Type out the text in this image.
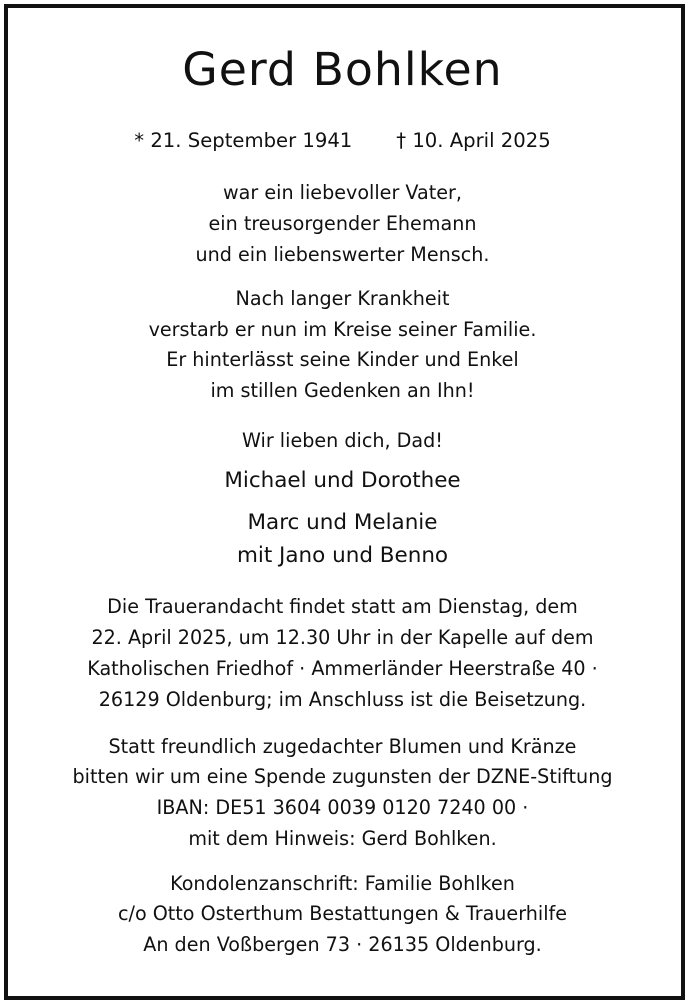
Gerd Bohlken
* 21. September 1941 † 10. April 2025
war ein liebevoller Vater,
ein treusorgender Ehemann
und ein liebenswerter Mensch.
Nach langer Krankheit
verstarb er nun im Kreise seiner Familie.
Er hinterlässt seine Kinder und Enkel
im stillen Gedenken an Ihn!
Wir lieben dich, Dad!
Michael und Dorothee
Marc und Melanie
mit Jano und Benno
Die Trauerandacht findet statt am Dienstag, dem
22. April 2025, um 12.30 Uhr in der Kapelle auf dem
Katholischen Friedhof · Ammerländer Heerstraße 40 ·
26129 Oldenburg; im Anschluss ist die Beisetzung.
Statt freundlich zugedachter Blumen und Kränze
bitten wir um eine Spende zugunsten der DZNE-Stiftung
IBAN: DE51 3604 0039 0120 7240 00 ·
mit dem Hinweis: Gerd Bohlken.
Kondolenzanschrift: Familie Bohlken
c/o Otto Osterthum Bestattungen & Trauerhilfe
An den Voßbergen 73 · 26135 Oldenburg.
